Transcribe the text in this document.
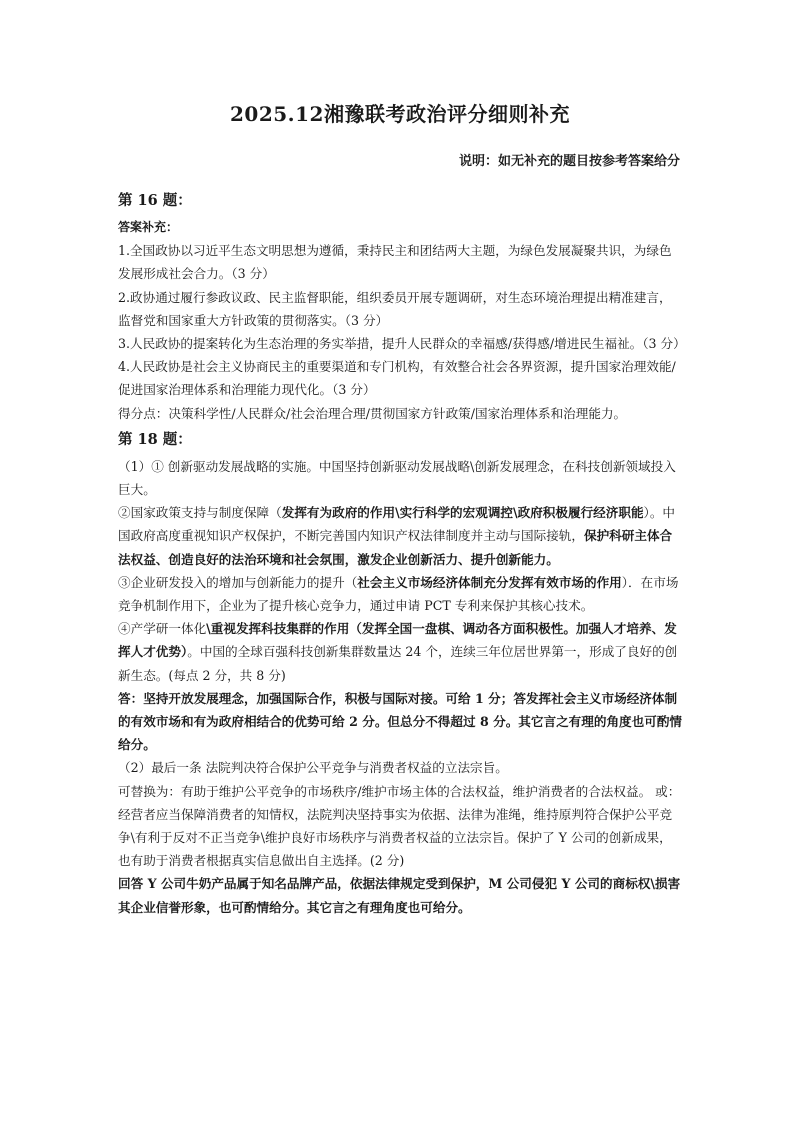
2025.12湘豫联考政治评分细则补充
说明：如无补充的题目按参考答案给分
第 16 题：

答案补充：

1.全国政协以习近平生态文明思想为遵循，秉持民主和团结两大主题，为绿色发展凝聚共识，为绿色发展形成社会合力。（3 分）

2.政协通过履行参政议政、民主监督职能，组织委员开展专题调研，对生态环境治理提出精准建言，监督党和国家重大方针政策的贯彻落实。（3 分）

3.人民政协的提案转化为生态治理的务实举措，提升人民群众的幸福感/获得感/增进民生福祉。（3 分）

4.人民政协是社会主义协商民主的重要渠道和专门机构，有效整合社会各界资源，提升国家治理效能/促进国家治理体系和治理能力现代化。（3 分）

得分点：决策科学性/人民群众/社会治理合理/贯彻国家方针政策/国家治理体系和治理能力。

第 18 题：

（1）① 创新驱动发展战略的实施。中国坚持创新驱动发展战略\创新发展理念，在科技创新领域投入巨大。

②国家政策支持与制度保障（发挥有为政府的作用\实行科学的宏观调控\政府积极履行经济职能）。中国政府高度重视知识产权保护，不断完善国内知识产权法律制度并主动与国际接轨，保护科研主体合法权益、创造良好的法治环境和社会氛围，激发企业创新活力、提升创新能力。

③企业研发投入的增加与创新能力的提升（社会主义市场经济体制充分发挥有效市场的作用）．在市场竞争机制作用下，企业为了提升核心竞争力，通过申请 PCT 专利来保护其核心技术。

④产学研一体化\重视发挥科技集群的作用（发挥全国一盘棋、调动各方面积极性。加强人才培养、发挥人才优势）。中国的全球百强科技创新集群数量达 24 个，连续三年位居世界第一，形成了良好的创新生态。(每点 2 分，共 8 分)

答：坚持开放发展理念，加强国际合作，积极与国际对接。可给 1 分；答发挥社会主义市场经济体制的有效市场和有为政府相结合的优势可给 2 分。但总分不得超过 8 分。其它言之有理的角度也可酌情给分。

（2）最后一条 法院判决符合保护公平竞争与消费者权益的立法宗旨。

可替换为：有助于维护公平竞争的市场秩序/维护市场主体的合法权益，维护消费者的合法权益。 或：经营者应当保障消费者的知情权，法院判决坚持事实为依据、法律为准绳，维持原判符合保护公平竞争\有利于反对不正当竞争\维护良好市场秩序与消费者权益的立法宗旨。保护了 Y 公司的创新成果，也有助于消费者根据真实信息做出自主选择。(2 分)

回答 Y 公司牛奶产品属于知名品牌产品，依据法律规定受到保护，M 公司侵犯 Y 公司的商标权\损害其企业信誉形象，也可酌情给分。其它言之有理角度也可给分。
